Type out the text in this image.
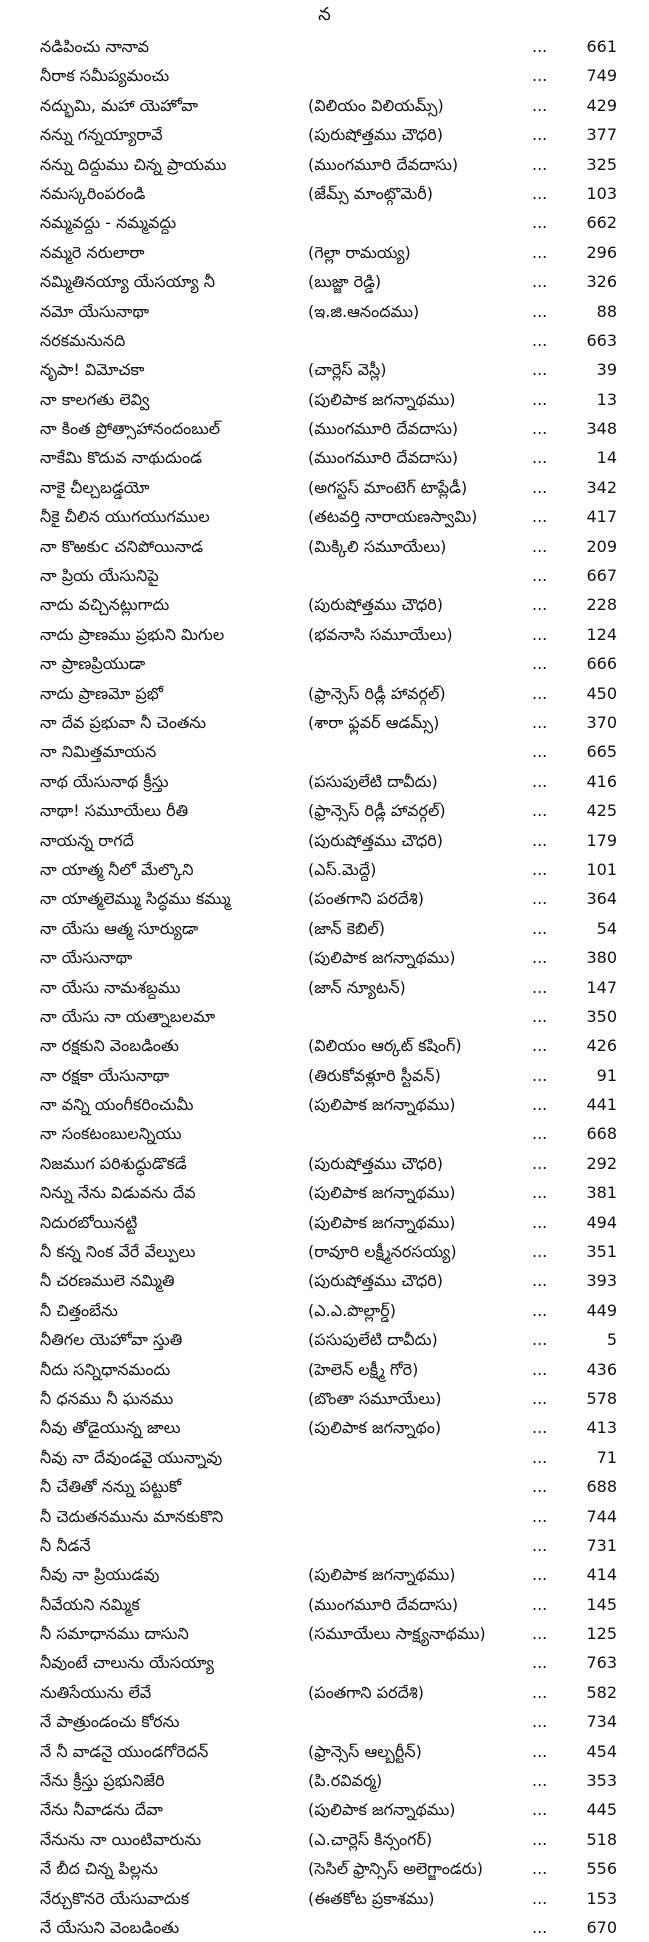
న
నడిపించు నానావ	... 661
నీరాక సమీప్యమంచు	... 749
నద్భుమి, మహా యెహోవా	(విలియం విలియమ్స్)	... 429
నన్ను గన్నయ్యారావే	(పురుషోత్తము చౌధరి)	... 377
నన్ను దిద్దుము చిన్న ప్రాయము	(ముంగమూరి దేవదాసు)	... 325
నమస్కరింపరండి	(జేమ్స్ మాంట్గొమెరీ)	... 103
నమ్మవద్దు - నమ్మవద్దు	... 662
నమ్మరె నరులారా	(గెల్లా రామయ్య)	... 296
నమ్మితినయ్యా యేసయ్యా నీ	(బుజ్జా రెడ్డి)	... 326
నమో యేసునాథా	(ఇ.జి.ఆనందము)	...	88
నరకమనునది	... 663
నృపా! విమోచకా	(చార్లెస్ వెస్లీ)	...	39
నా కాలగతు లెవ్వి	(పులిపాక జగన్నాథము)	...	13
నా కింత ప్రోత్సాహానందంబుల్	(ముంగమూరి దేవదాసు)	... 348
నాకేమి కొదువ నాథుదుండ	(ముంగమూరి దేవదాసు)	...	14
నాకై చీల్చబడ్డయో	(అగస్టస్ మాంటెగ్ టాప్లేడీ)	... 342
నీకై చీలిన యుగయుగముల	(తటవర్తి నారాయణస్వామి)	... 417
నా కొఱకుc చనిపోయినాడ	(మిక్కిలి సమూయేలు)	... 209
నా ప్రియ యేసునిపై	... 667
నాదు వచ్చినట్లుగాదు	(పురుషోత్తము చౌధరి)	... 228
నాదు ప్రాణము ప్రభుని మిగుల	(భవనాసి సమూయేలు)	... 124
నా ప్రాణప్రియుడా	... 666
నాదు ప్రాణమో ప్రభో	(ఫ్రాన్సెస్ రిడ్లీ హావర్గల్)	... 450
నా దేవ ప్రభువా నీ చెంతను	(శారా ఫ్లవర్ ఆడమ్స్)	... 370
నా నిమిత్తమాయన	... 665
నాథ యేసునాథ క్రీస్తు	(పసుపులేటి దావీదు)	... 416
నాథా! సమూయేలు రీతి	(ఫ్రాన్సెస్ రిడ్లీ హావర్గల్)	... 425
నాయన్న రాగదే	(పురుషోత్తము చౌధరి)	... 179
నా యాత్మ నీలో మేల్కొని	(ఎస్.మెద్దే)	... 101
నా యాత్మలెమ్ము సిద్ధము కమ్ము	(పంతగాని పరదేశి)	... 364
నా యేసు ఆత్మ సూర్యుడా	(జాన్ కెబిల్)	...	54
నా యేసునాథా	(పులిపాక జగన్నాథము)	... 380
నా యేసు నామశబ్దము	(జాన్ న్యూటన్)	... 147
నా యేసు నా యత్నాబలమా	... 350
నా రక్షకుని వెంబడింతు	(విలియం ఆర్కట్ కషింగ్)	... 426
నా రక్షకా యేసునాథా	(తిరుకోవళ్లూరి స్టీవన్)	...	91
నా వన్ని యంగీకరించుమీ	(పులిపాక జగన్నాథము)	... 441
నా సంకటంబులన్నియు	... 668
నిజముగ పరిశుద్ధుడొకడే	(పురుషోత్తము చౌధరి)	... 292
నిన్ను నేను విడువను దేవ	(పులిపాక జగన్నాథము)	... 381
నిదురబోయినట్టి	(పులిపాక జగన్నాథము)	... 494
నీ కన్న నింక వేరే వేల్పులు	(రావూరి లక్ష్మీనరసయ్య)	... 351
నీ చరణములె నమ్మితి	(పురుషోత్తము చౌధరి)	... 393
నీ చిత్తంబేను	(ఎ.ఎ.పొల్లార్డ్)	... 449
నీతిగల యెహోవా స్తుతి	(పసుపులేటి దావీదు)	...	5
నీదు సన్నిధానమందు	(హెలెన్ లక్ష్మీ గోరె)	... 436
నీ ధనము నీ ఘనము	(బొంతా సమూయేలు)	... 578
నీవు తోడైయున్న జాలు	(పులిపాక జగన్నాథం)	... 413
నీవు నా దేవుండవై యున్నావు	...	71
నీ చేతితో నన్ను పట్టుకో	... 688
నీ చెదుతనమును మానకుకొని	... 744
నీ నీడనే	... 731
నీవు నా ప్రియుడవు	(పులిపాక జగన్నాథము)	... 414
నీవేయని నమ్మిక	(ముంగమూరి దేవదాసు)	... 145
నీ సమాధానము దాసుని	(సమూయేలు సాక్ష్యనాథము)	... 125
నీవుంటే చాలును యేసయ్యా	... 763
నుతిసేయును లేవే	(పంతగాని పరదేశి)	... 582
నే పాత్రుండంచు కోరను	... 734
నే నీ వాడనై యుండగోరెదన్	(ఫ్రాన్సెస్ ఆల్బర్టీన్)	... 454
నేను క్రీస్తు ప్రభునిజేరి	(పి.రవివర్మ)	... 353
నేను నీవాడను దేవా	(పులిపాక జగన్నాథము)	... 445
నేనును నా యింటివారును	(ఎ.చార్లెస్ కిన్సంగర్)	... 518
నే బీద చిన్న పిల్లను	(సెసిల్ ఫ్రాన్సిస్ అలెగ్జాండరు)	... 556
నేర్చుకొనరె యేసువాదుక	(ఈతకోట ప్రకాశము)	... 153
నే యేసుని వెంబడింతు	... 670
